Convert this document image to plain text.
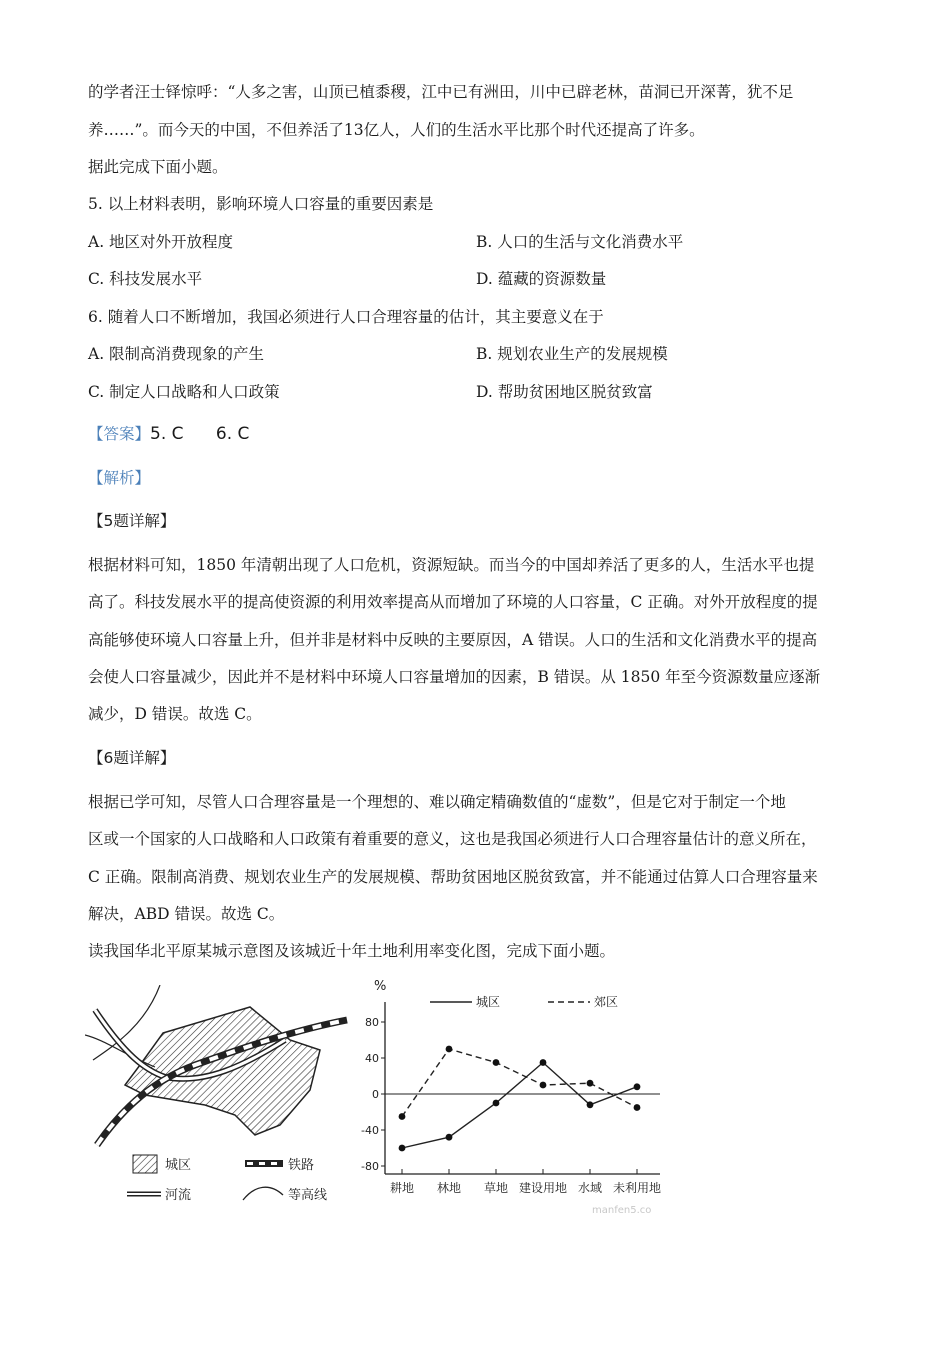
的学者汪士铎惊呼：“人多之害，山顶已植黍稷，江中已有洲田，川中已辟老林，苗洞已开深菁，犹不足
养……”。而今天的中国，不但养活了13亿人，人们的生活水平比那个时代还提高了许多。
据此完成下面小题。
5. 以上材料表明，影响环境人口容量的重要因素是
A. 地区对外开放程度	B. 人口的生活与文化消费水平
C. 科技发展水平	D. 蕴藏的资源数量
6. 随着人口不断增加，我国必须进行人口合理容量的估计，其主要意义在于
A. 限制高消费现象的产生	B. 规划农业生产的发展规模
C. 制定人口战略和人口政策	D. 帮助贫困地区脱贫致富
【答案】5. C      6. C
【解析】
【5题详解】
根据材料可知，1850 年清朝出现了人口危机，资源短缺。而当今的中国却养活了更多的人，生活水平也提
高了。科技发展水平的提高使资源的利用效率提高从而增加了环境的人口容量，C 正确。对外开放程度的提
高能够使环境人口容量上升，但并非是材料中反映的主要原因，A 错误。人口的生活和文化消费水平的提高
会使人口容量减少，因此并不是材料中环境人口容量增加的因素，B 错误。从 1850 年至今资源数量应逐渐
减少，D 错误。故选 C。
【6题详解】
根据已学可知，尽管人口合理容量是一个理想的、难以确定精确数值的“虚数”，但是它对于制定一个地
区或一个国家的人口战略和人口政策有着重要的意义，这也是我国必须进行人口合理容量估计的意义所在，
C 正确。限制高消费、规划农业生产的发展规模、帮助贫困地区脱贫致富，并不能通过估算人口合理容量来
解决，ABD 错误。故选 C。
读我国华北平原某城示意图及该城近十年土地利用率变化图，完成下面小题。
城区	铁路
河流	等高线
%
城区	郊区
80
40
0
-40
-80
耕地 林地 草地 建设用地 水域 未利用地
manfen5.co
